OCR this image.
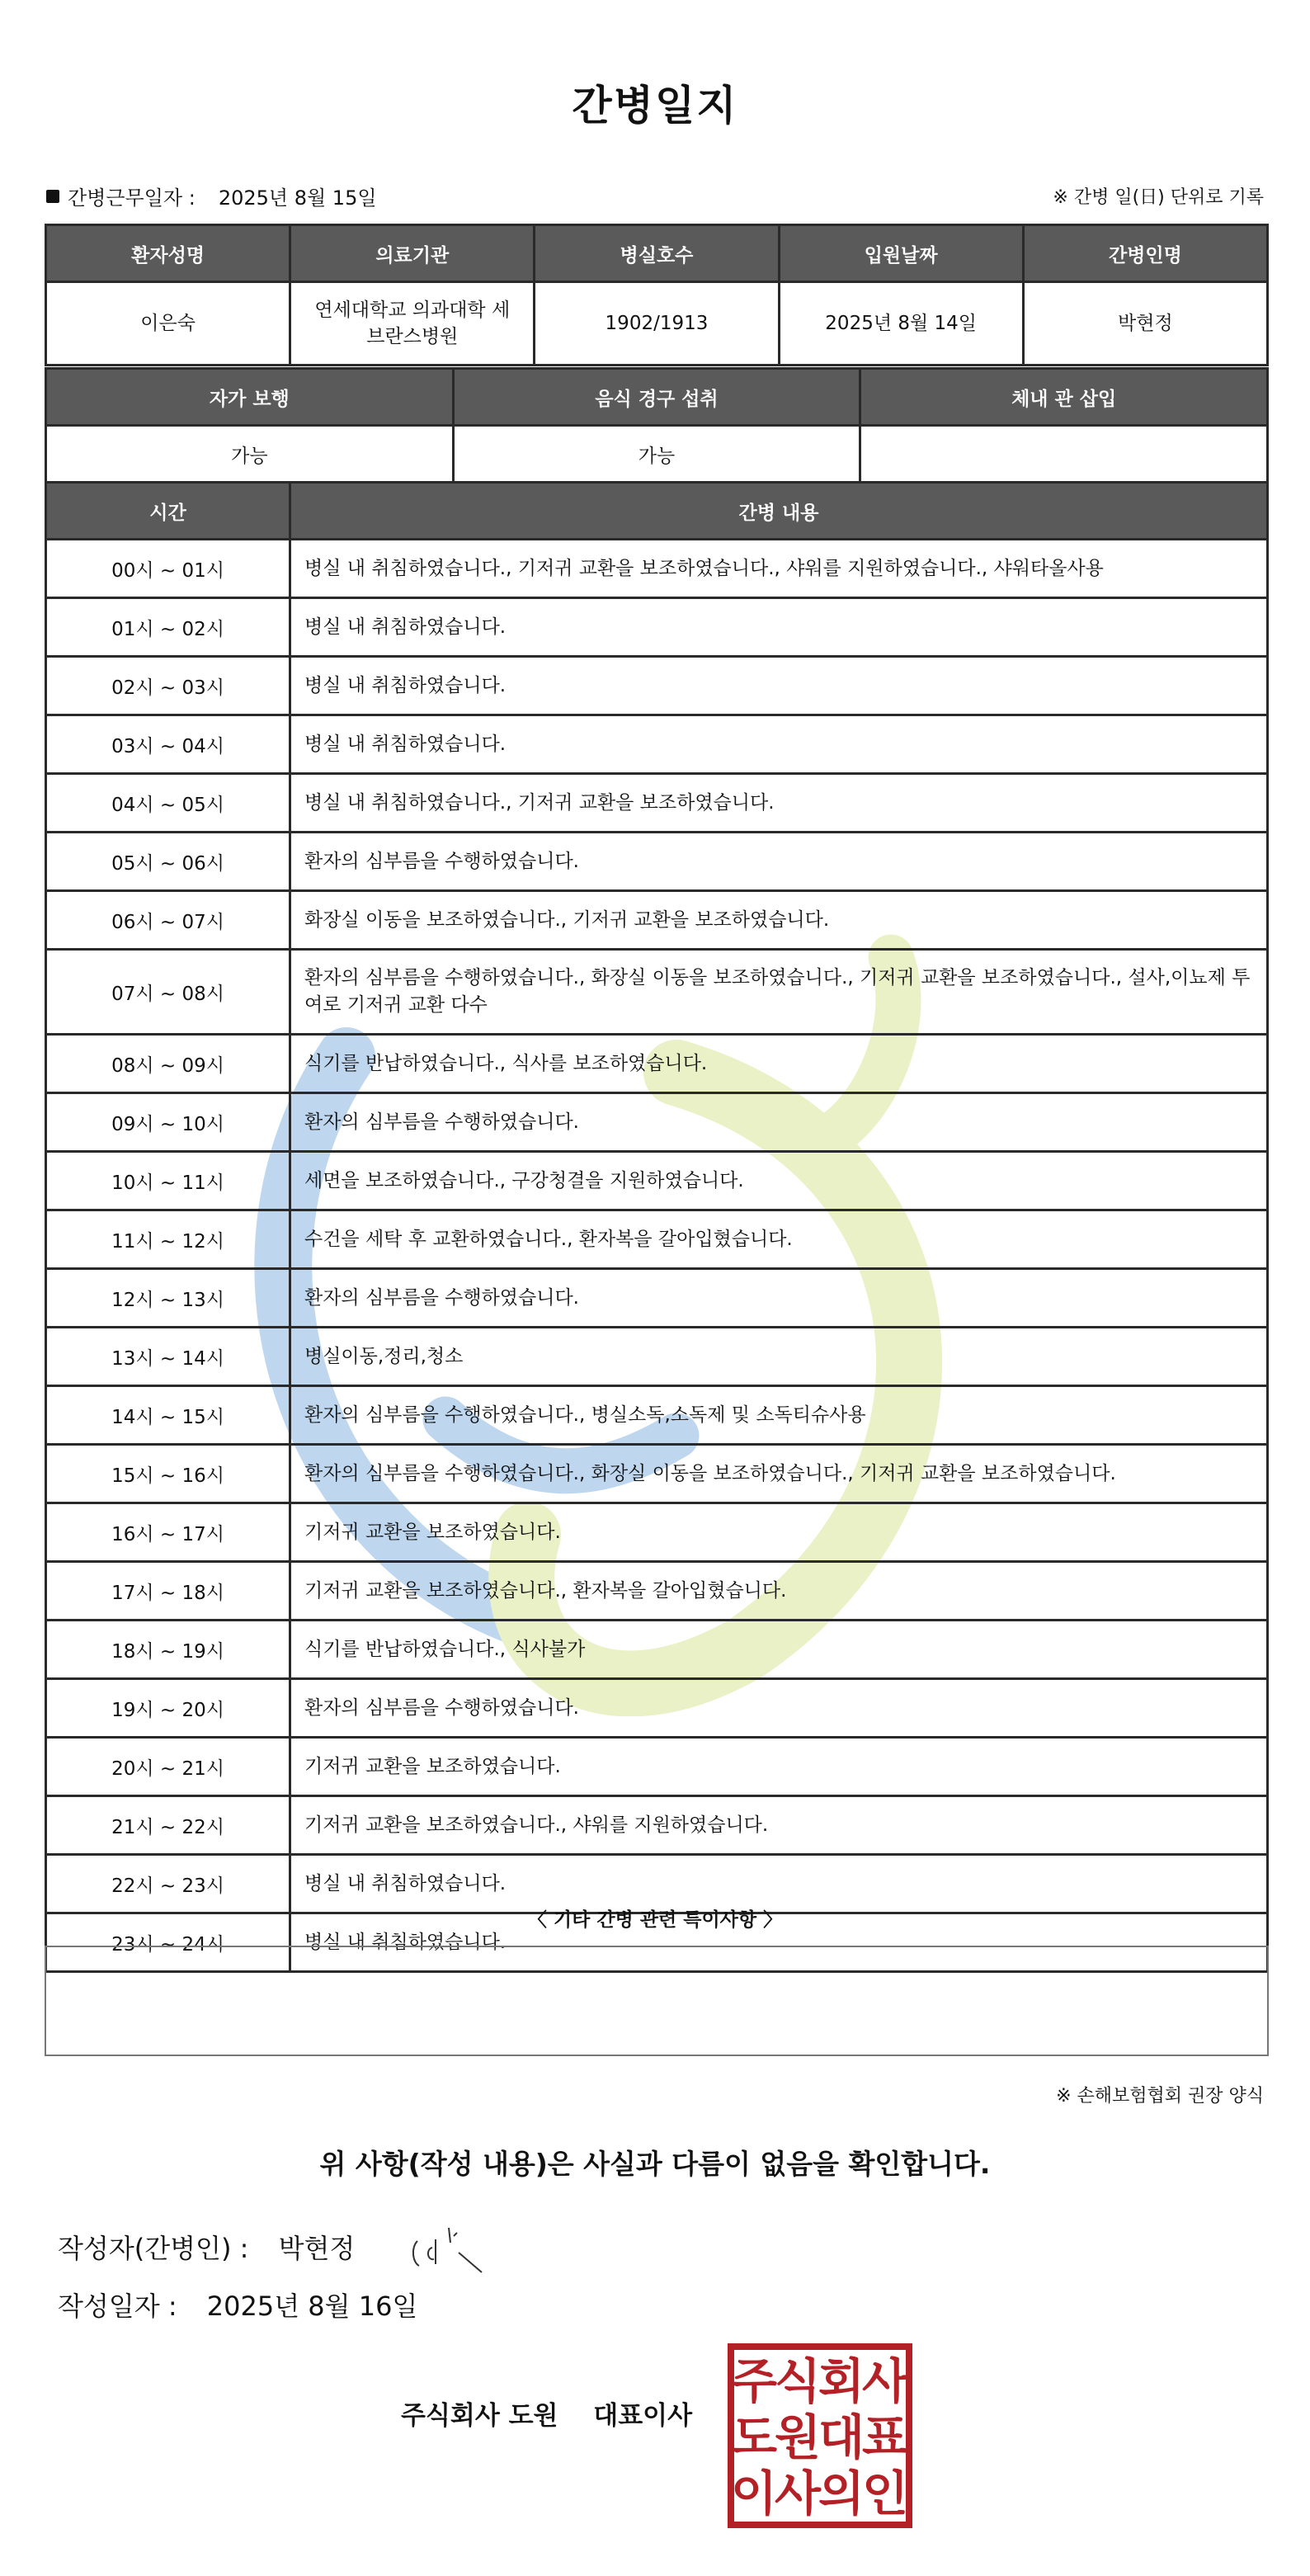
간병일지
간병근무일자 : 2025년 8월 15일	※ 간병 일(日) 단위로 기록
환자성명	의료기관	병실호수	입원날짜	간병인명
이은숙	연세대학교 의과대학 세브란스병원	1902/1913	2025년 8월 14일	박현정
자가 보행	음식 경구 섭취	체내 관 삽입
가능	가능	
시간	간병 내용
00시 ~ 01시	병실 내 취침하였습니다., 기저귀 교환을 보조하였습니다., 샤워를 지원하였습니다., 샤워타올사용
01시 ~ 02시	병실 내 취침하였습니다.
02시 ~ 03시	병실 내 취침하였습니다.
03시 ~ 04시	병실 내 취침하였습니다.
04시 ~ 05시	병실 내 취침하였습니다., 기저귀 교환을 보조하였습니다.
05시 ~ 06시	환자의 심부름을 수행하였습니다.
06시 ~ 07시	화장실 이동을 보조하였습니다., 기저귀 교환을 보조하였습니다.
07시 ~ 08시	환자의 심부름을 수행하였습니다., 화장실 이동을 보조하였습니다., 기저귀 교환을 보조하였습니다., 설사,이뇨제 투여로 기저귀 교환 다수
08시 ~ 09시	식기를 반납하였습니다., 식사를 보조하였습니다.
09시 ~ 10시	환자의 심부름을 수행하였습니다.
10시 ~ 11시	세면을 보조하였습니다., 구강청결을 지원하였습니다.
11시 ~ 12시	수건을 세탁 후 교환하였습니다., 환자복을 갈아입혔습니다.
12시 ~ 13시	환자의 심부름을 수행하였습니다.
13시 ~ 14시	병실이동,정리,청소
14시 ~ 15시	환자의 심부름을 수행하였습니다., 병실소독,소독제 및 소독티슈사용
15시 ~ 16시	환자의 심부름을 수행하였습니다., 화장실 이동을 보조하였습니다., 기저귀 교환을 보조하였습니다.
16시 ~ 17시	기저귀 교환을 보조하였습니다.
17시 ~ 18시	기저귀 교환을 보조하였습니다., 환자복을 갈아입혔습니다.
18시 ~ 19시	식기를 반납하였습니다., 식사불가
19시 ~ 20시	환자의 심부름을 수행하였습니다.
20시 ~ 21시	기저귀 교환을 보조하였습니다.
21시 ~ 22시	기저귀 교환을 보조하였습니다., 샤워를 지원하였습니다.
22시 ~ 23시	병실 내 취침하였습니다.
23시 ~ 24시	병실 내 취침하였습니다.
〈 기타 간병 관련 특이사항 〉
※ 손해보험협회 권장 양식
위 사항(작성 내용)은 사실과 다름이 없음을 확인합니다.
작성자(간병인) : 박현정
작성일자 : 2025년 8월 16일
주식회사 도원 대표이사
주
식
회
사
도
원
대
표
이
사
의
인
